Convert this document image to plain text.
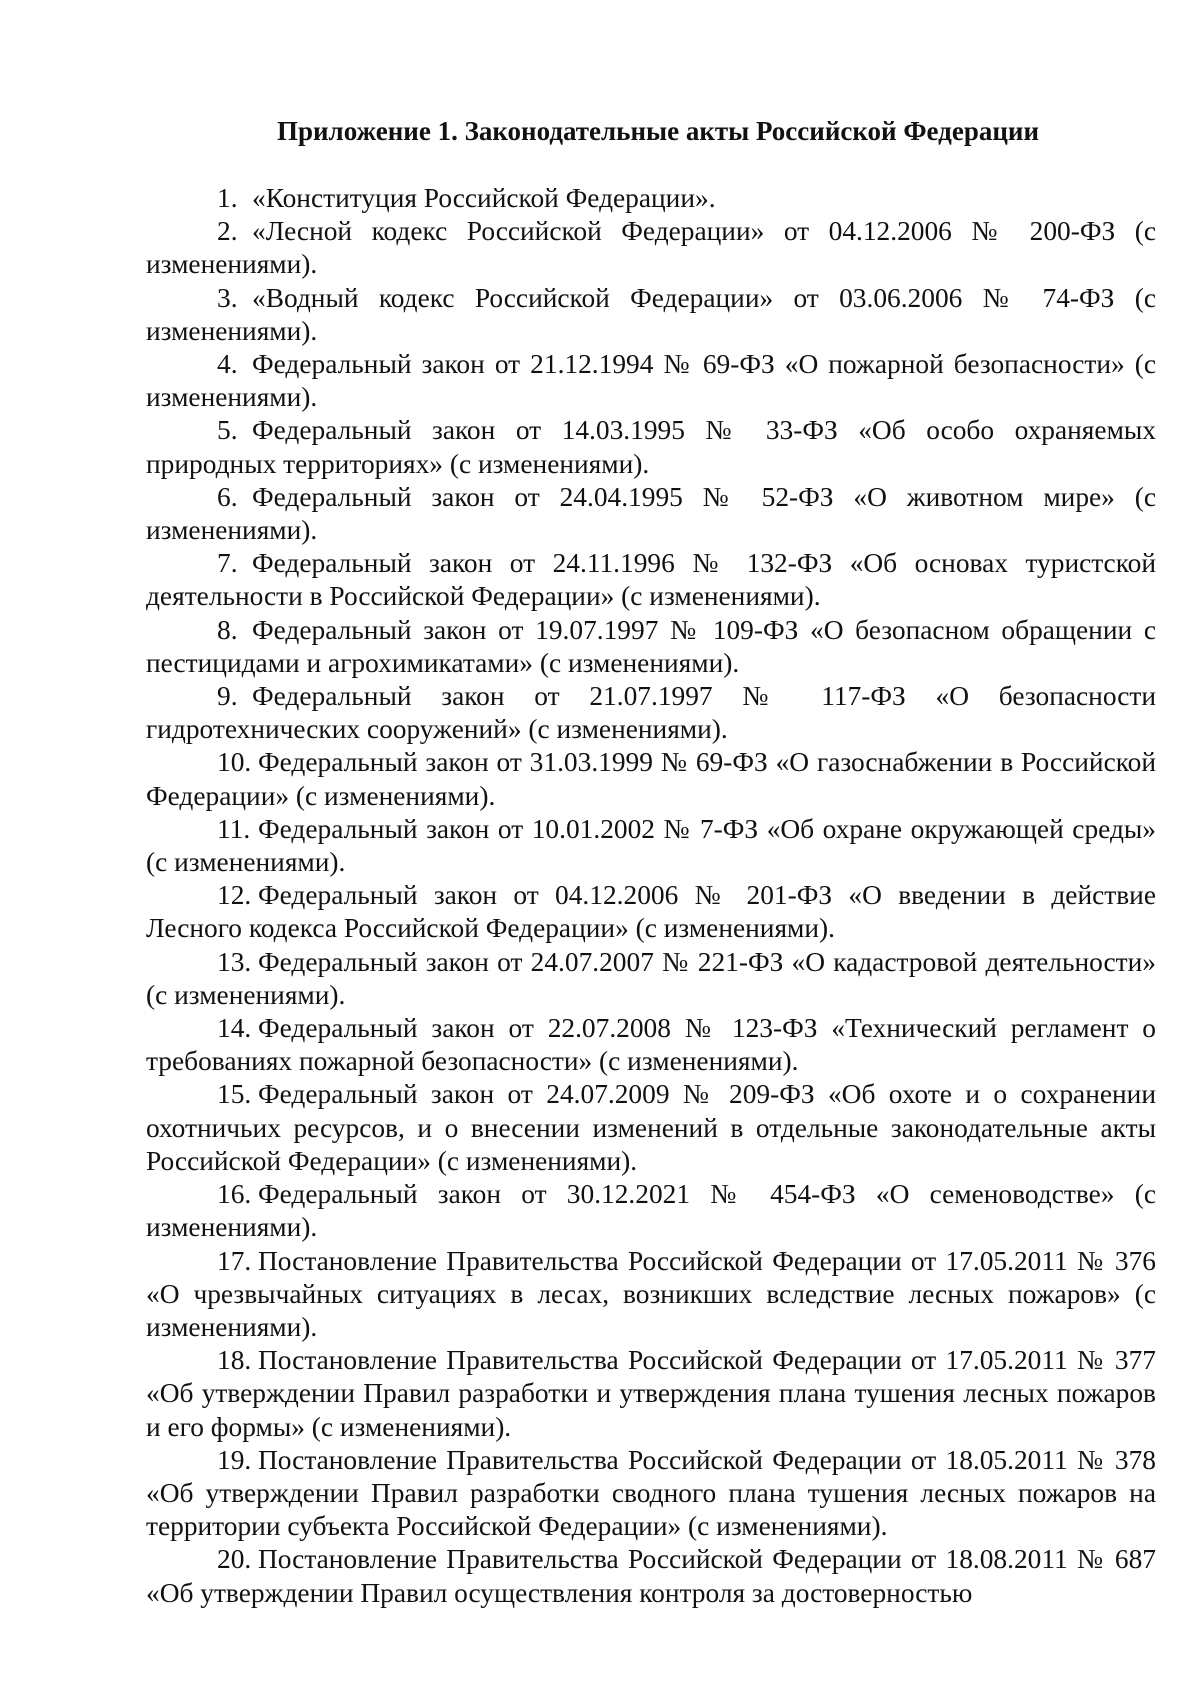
Приложение 1. Законодательные акты Российской Федерации

1. «Конституция Российской Федерации».

2. «Лесной кодекс Российской Федерации» от 04.12.2006 № 200-ФЗ (с изменениями).

3. «Водный кодекс Российской Федерации» от 03.06.2006 № 74-ФЗ (с изменениями).

4. Федеральный закон от 21.12.1994 № 69-ФЗ «О пожарной безопасности» (с изменениями).

5. Федеральный закон от 14.03.1995 № 33-ФЗ «Об особо охраняемых природных территориях» (с изменениями).

6. Федеральный закон от 24.04.1995 № 52-ФЗ «О животном мире» (с изменениями).

7. Федеральный закон от 24.11.1996 № 132-ФЗ «Об основах туристской деятельности в Российской Федерации» (с изменениями).

8. Федеральный закон от 19.07.1997 № 109-ФЗ «О безопасном обращении с пестицидами и агрохимикатами» (с изменениями).

9. Федеральный закон от 21.07.1997 № 117-ФЗ «О безопасности гидротехнических сооружений» (с изменениями).

10. Федеральный закон от 31.03.1999 № 69-ФЗ «О газоснабжении в Российской Федерации» (с изменениями).

11. Федеральный закон от 10.01.2002 № 7-ФЗ «Об охране окружающей среды» (с изменениями).

12. Федеральный закон от 04.12.2006 № 201-ФЗ «О введении в действие Лесного кодекса Российской Федерации» (с изменениями).

13. Федеральный закон от 24.07.2007 № 221-ФЗ «О кадастровой деятельности» (с изменениями).

14. Федеральный закон от 22.07.2008 № 123-ФЗ «Технический регламент о требованиях пожарной безопасности» (с изменениями).

15. Федеральный закон от 24.07.2009 № 209-ФЗ «Об охоте и о сохранении охотничьих ресурсов, и о внесении изменений в отдельные законодательные акты Российской Федерации» (с изменениями).

16. Федеральный закон от 30.12.2021 № 454-ФЗ «О семеноводстве» (с изменениями).

17. Постановление Правительства Российской Федерации от 17.05.2011 № 376 «О чрезвычайных ситуациях в лесах, возникших вследствие лесных пожаров» (с изменениями).

18. Постановление Правительства Российской Федерации от 17.05.2011 № 377 «Об утверждении Правил разработки и утверждения плана тушения лесных пожаров и его формы» (с изменениями).

19. Постановление Правительства Российской Федерации от 18.05.2011 № 378 «Об утверждении Правил разработки сводного плана тушения лесных пожаров на территории субъекта Российской Федерации» (с изменениями).

20. Постановление Правительства Российской Федерации от 18.08.2011 № 687 «Об утверждении Правил осуществления контроля за достоверностью
